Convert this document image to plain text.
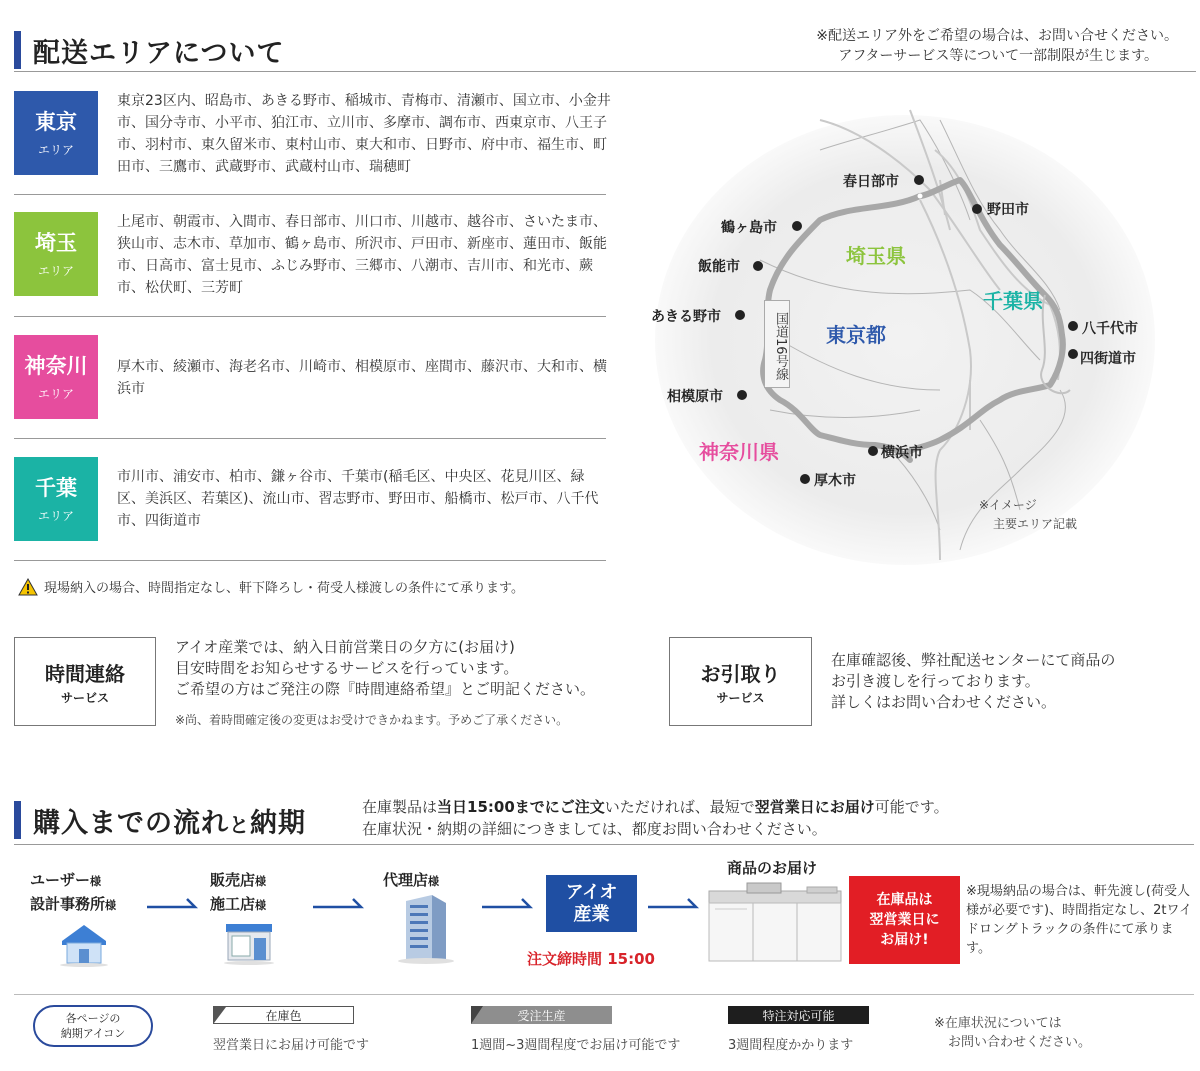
配送エリアについて
※配送エリア外をご希望の場合は、お問い合せください。
アフターサービス等について一部制限が生じます。
東京
エリア
東京23区内、昭島市、あきる野市、稲城市、青梅市、清瀬市、国立市、小金井市、国分寺市、小平市、狛江市、立川市、多摩市、調布市、西東京市、八王子市、羽村市、東久留米市、東村山市、東大和市、日野市、府中市、福生市、町田市、三鷹市、武蔵野市、武蔵村山市、瑞穂町
埼玉
エリア
上尾市、朝霞市、入間市、春日部市、川口市、川越市、越谷市、さいたま市、狭山市、志木市、草加市、鶴ヶ島市、所沢市、戸田市、新座市、蓮田市、飯能市、日高市、富士見市、ふじみ野市、三郷市、八潮市、吉川市、和光市、蕨市、松伏町、三芳町
神奈川
エリア
厚木市、綾瀬市、海老名市、川崎市、相模原市、座間市、藤沢市、大和市、横浜市
千葉
エリア
市川市、浦安市、柏市、鎌ヶ谷市、千葉市(稲毛区、中央区、花見川区、緑区、美浜区、若葉区)、流山市、習志野市、野田市、船橋市、松戸市、八千代市、四街道市
現場納入の場合、時間指定なし、軒下降ろし・荷受人様渡しの条件にて承ります。
春日部市
野田市
鶴ヶ島市
飯能市
あきる野市
八千代市
四街道市
相模原市
横浜市
厚木市
埼玉県
千葉県
東京都
神奈川県
国道16号線
※イメージ
主要エリア記載
時間連絡
サービス
アイオ産業では、納入日前営業日の夕方に(お届け)
目安時間をお知らせするサービスを行っています。
ご希望の方はご発注の際『時間連絡希望』とご明記ください。
※尚、着時間確定後の変更はお受けできかねます。予めご了承ください。
お引取り
サービス
在庫確認後、弊社配送センターにて商品の
お引き渡しを行っております。
詳しくはお問い合わせください。
購入までの流れと納期
在庫製品は当日15:00までにご注文いただければ、最短で翌営業日にお届け可能です。
在庫状況・納期の詳細につきましては、都度お問い合わせください。
ユーザー様
設計事務所様
販売店様
施工店様
代理店様	アイオ
産業
注文締時間 15:00
商品のお届け
在庫品は
翌営業日に
お届け!
※現場納品の場合は、軒先渡し(荷受人様が必要です)、時間指定なし、2tワイドロングトラックの条件にて承ります。
各ページの
納期アイコン
在庫色
翌営業日にお届け可能です
受注生産
1週間~3週間程度でお届け可能です
特注対応可能
3週間程度かかります
※在庫状況については
お問い合わせください。
